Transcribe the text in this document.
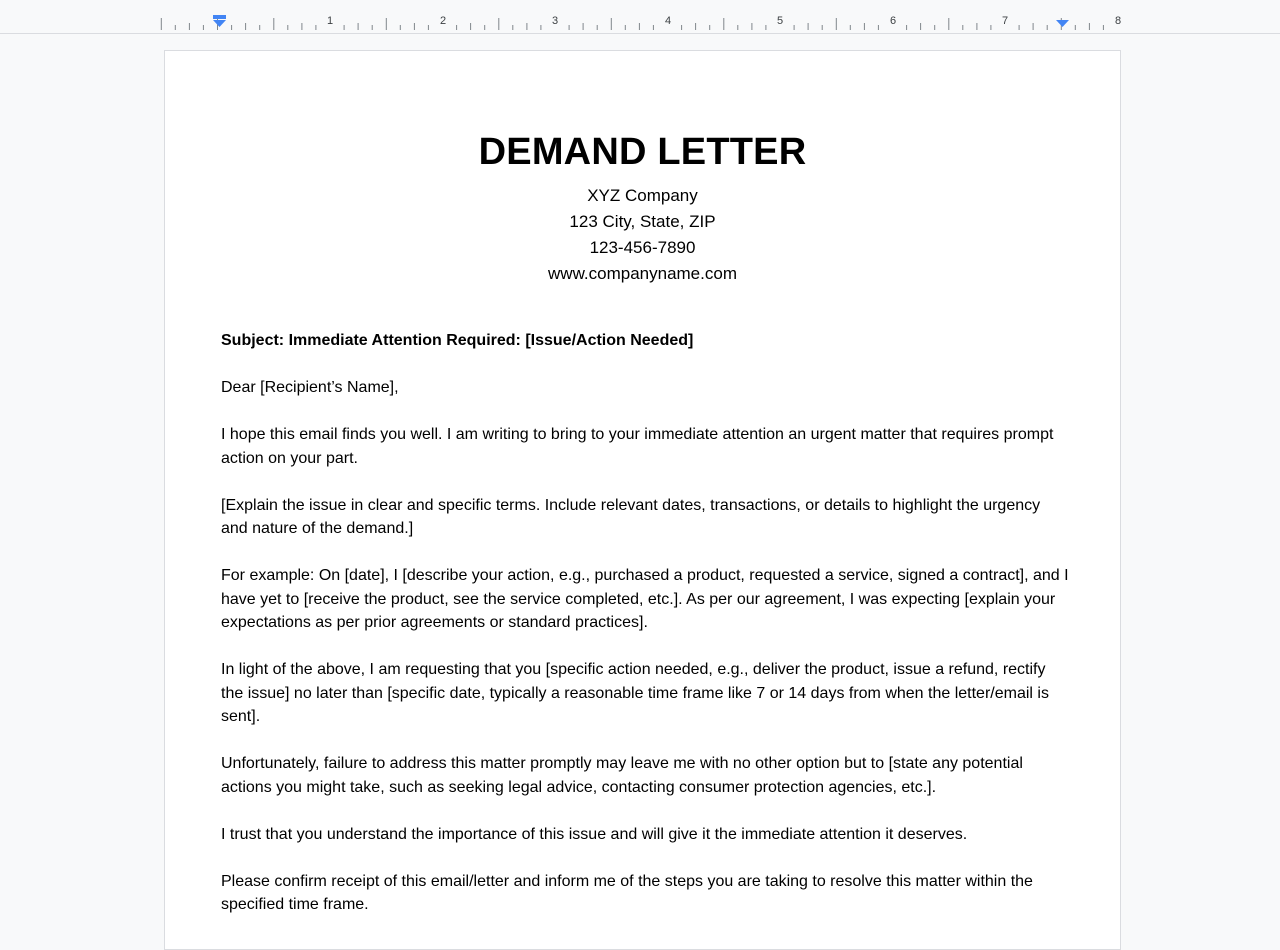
1	2	3	4	5	6	7	8
DEMAND LETTER
XYZ Company
123 City, State, ZIP
123-456-7890
www.companyname.com

Subject: Immediate Attention Required: [Issue/Action Needed]

Dear [Recipient’s Name],

I hope this email finds you well. I am writing to bring to your immediate attention an urgent matter that requires prompt action on your part.

[Explain the issue in clear and specific terms. Include relevant dates, transactions, or details to highlight the urgency and nature of the demand.]

For example: On [date], I [describe your action, e.g., purchased a product, requested a service, signed a contract], and I have yet to [receive the product, see the service completed, etc.]. As per our agreement, I was expecting [explain your expectations as per prior agreements or standard practices].

In light of the above, I am requesting that you [specific action needed, e.g., deliver the product, issue a refund, rectify the issue] no later than [specific date, typically a reasonable time frame like 7 or 14 days from when the letter/email is sent].

Unfortunately, failure to address this matter promptly may leave me with no other option but to [state any potential actions you might take, such as seeking legal advice, contacting consumer protection agencies, etc.].

I trust that you understand the importance of this issue and will give it the immediate attention it deserves.

Please confirm receipt of this email/letter and inform me of the steps you are taking to resolve this matter within the specified time frame.
